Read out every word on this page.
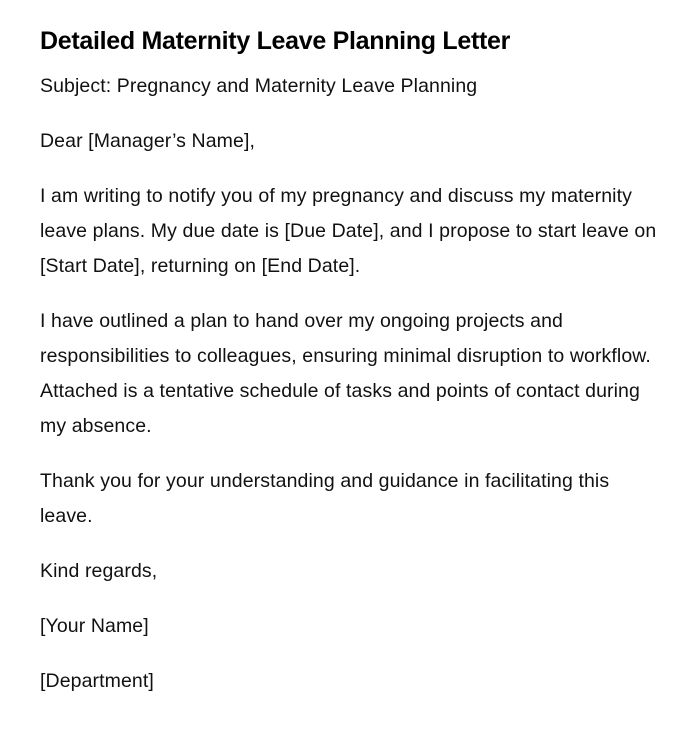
Detailed Maternity Leave Planning Letter

Subject: Pregnancy and Maternity Leave Planning

Dear [Manager’s Name],

I am writing to notify you of my pregnancy and discuss my maternity leave plans. My due date is [Due Date], and I propose to start leave on [Start Date], returning on [End Date].

I have outlined a plan to hand over my ongoing projects and responsibilities to colleagues, ensuring minimal disruption to workflow. Attached is a tentative schedule of tasks and points of contact during my absence.

Thank you for your understanding and guidance in facilitating this leave.

Kind regards,

[Your Name]

[Department]
